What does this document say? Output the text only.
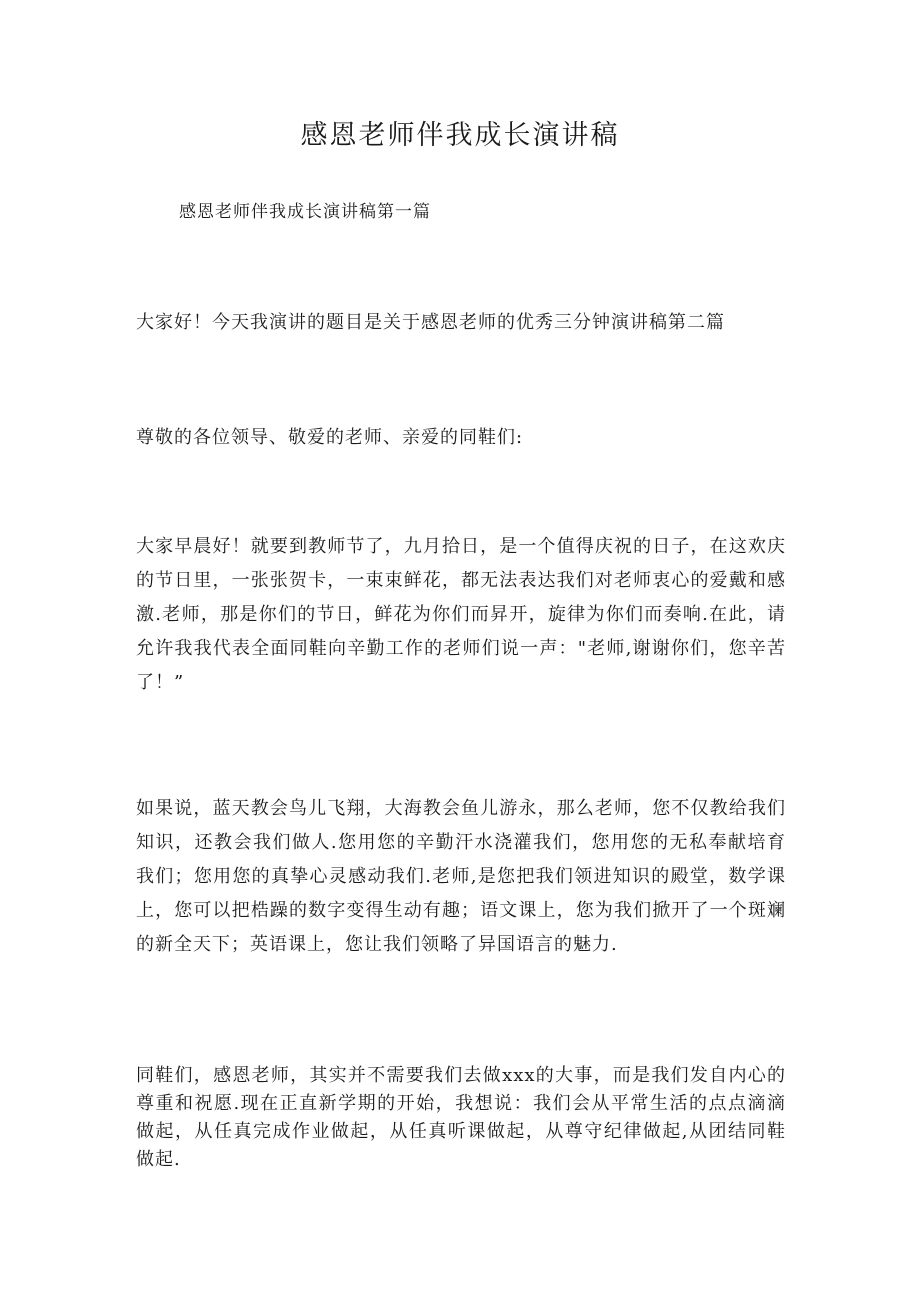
感恩老师伴我成长演讲稿
感恩老师伴我成长演讲稿第一篇
大家好！今天我演讲的题目是关于感恩老师的优秀三分钟演讲稿第二篇
尊敬的各位领导、敬爱的老师、亲爱的同鞋们:
大家早晨好！就要到教师节了，九月拾日，是一个值得庆祝的日子，在这欢庆的节日里，一张张贺卡，一束束鲜花，都无法表达我们对老师衷心的爱戴和感激.老师，那是你们的节日，鲜花为你们而昇开，旋律为你们而奏响.在此，请允许我我代表全面同鞋向辛勤工作的老师们说一声："老师,谢谢你们，您辛苦了！”
如果说，蓝天教会鸟儿飞翔，大海教会鱼儿游永，那么老师，您不仅教给我们知识，还教会我们做人.您用您的辛勤汗水浇灌我们，您用您的无私奉献培育我们；您用您的真挚心灵感动我们.老师,是您把我们领进知识的殿堂，数学课上，您可以把梏躁的数字变得生动有趣；语文课上，您为我们掀开了一个斑斓的新全天下；英语课上，您让我们领略了异国语言的魅力.
同鞋们，感恩老师，其实并不需要我们去做xxx的大事，而是我们发自内心的尊重和祝愿.现在正直新学期的开始，我想说：我们会从平常生活的点点滴滴做起，从任真完成作业做起，从任真听课做起，从尊守纪律做起,从团结同鞋做起.
